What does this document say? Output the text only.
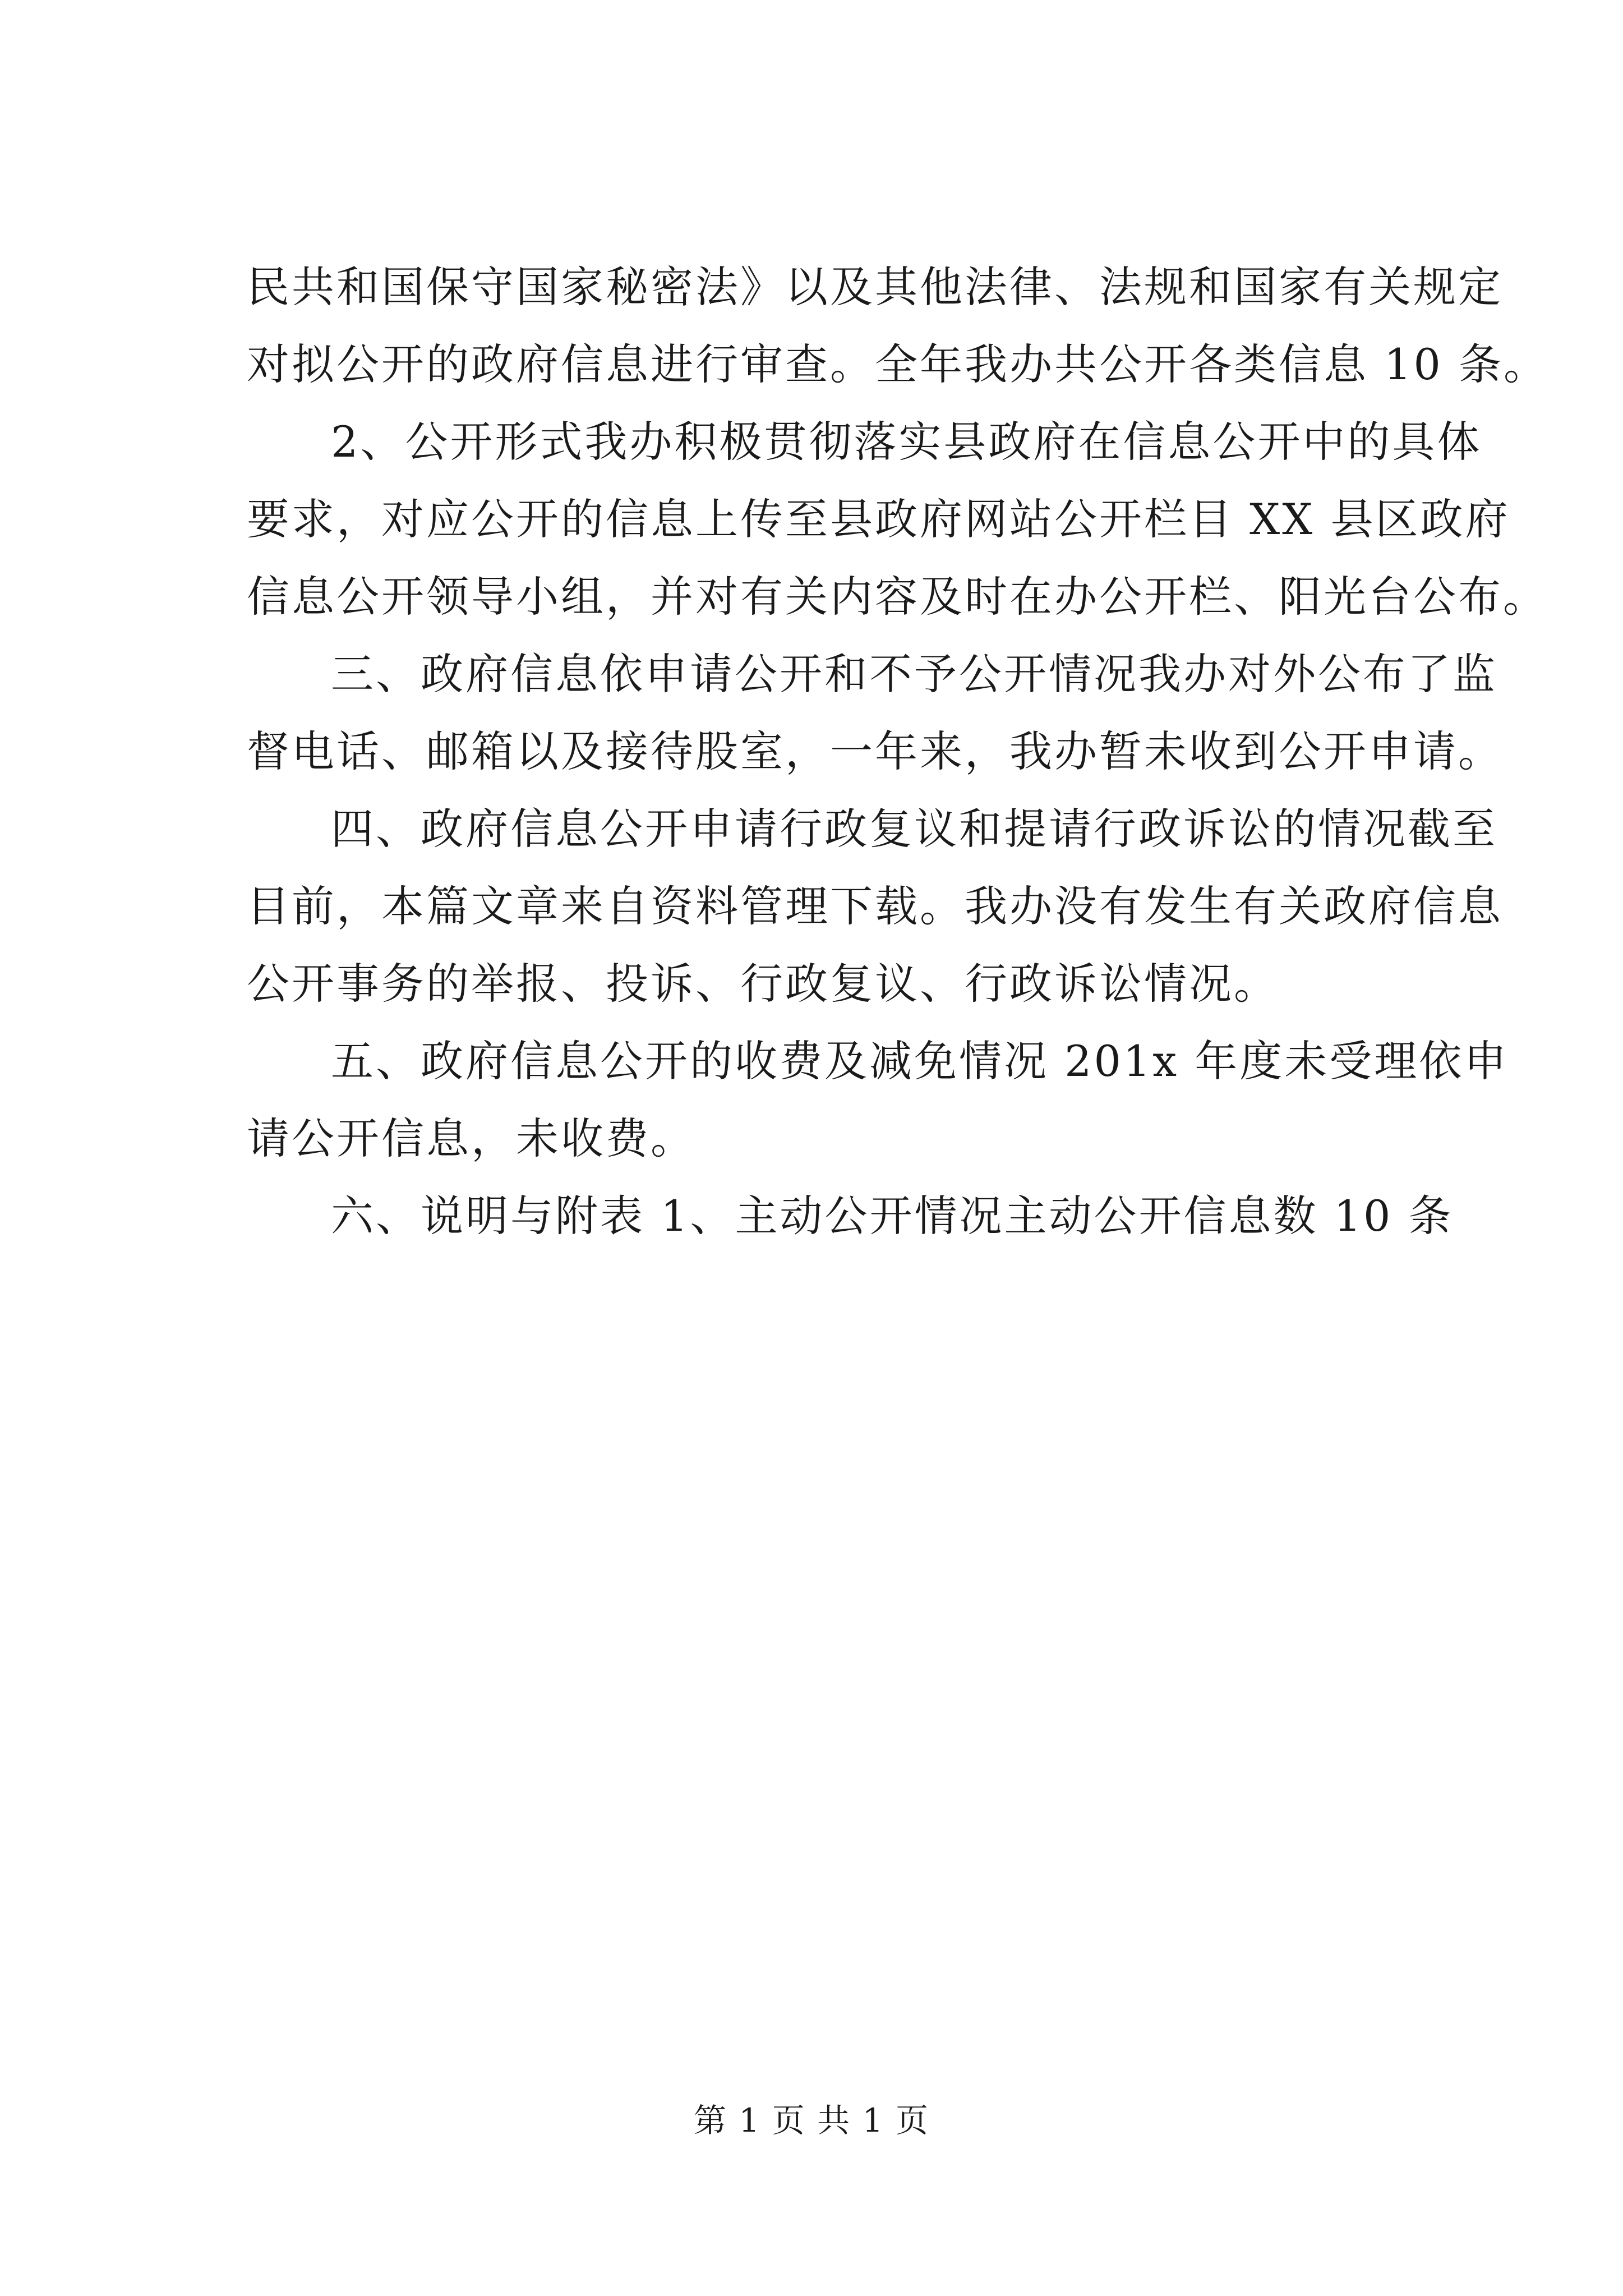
民共和国保守国家秘密法》以及其他法律、法规和国家有关规定
对拟公开的政府信息进行审查。全年我办共公开各类信息 10 条。
2、公开形式我办积极贯彻落实县政府在信息公开中的具体
要求，对应公开的信息上传至县政府网站公开栏目 XX 县区政府
信息公开领导小组，并对有关内容及时在办公开栏、阳光台公布。
三、政府信息依申请公开和不予公开情况我办对外公布了监
督电话、邮箱以及接待股室，一年来，我办暂未收到公开申请。
四、政府信息公开申请行政复议和提请行政诉讼的情况截至
目前，本篇文章来自资料管理下载。我办没有发生有关政府信息
公开事务的举报、投诉、行政复议、行政诉讼情况。
五、政府信息公开的收费及减免情况 201x 年度未受理依申
请公开信息，未收费。
六、说明与附表 1、主动公开情况主动公开信息数 10 条
第 1 页 共 1 页
